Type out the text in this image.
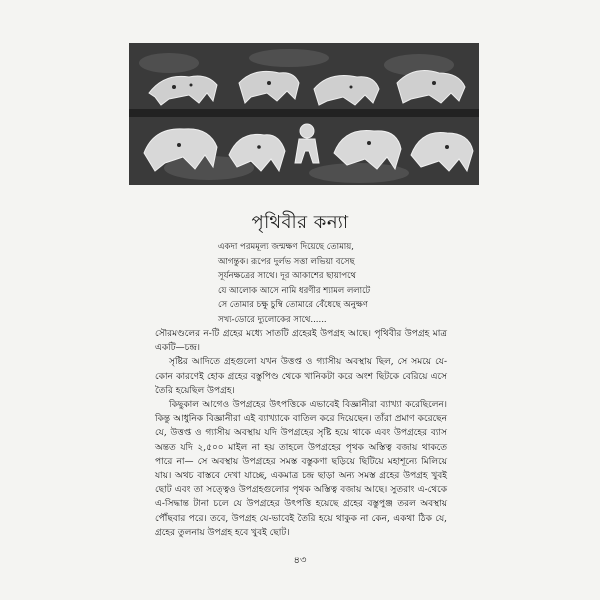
পৃথিবীর কন্যা
একদা পরমমূল্য জন্মক্ষণ দিয়েছে তোমায়,
আগন্তুক। রূপের দুর্লভ সত্তা লভিয়া বসেছ
সূর্যনক্ষত্রের সাথে। দূর আকাশের ছায়াপথে
যে আলোক আসে নামি ধরণীর শ্যামল ললাটে
সে তোমার চক্ষু চুম্বি তোমারে বেঁধেছে অনুক্ষণ
সখ্য-ডোরে দ্যুলোকের সাথে......

সৌরমণ্ডলের ন-টি গ্রহের মধ্যে সাতটি গ্রহেরই উপগ্রহ আছে। পৃথিবীর উপগ্রহ মাত্র একটি—চন্দ্র।

সৃষ্টির আদিতে গ্রহগুলো যখন উত্তপ্ত ও গ্যাসীয় অবস্থায় ছিল, সে সময়ে যে-কোন কারণেই হোক গ্রহের বস্তুপিণ্ড থেকে খানিকটা করে অংশ ছিটকে বেরিয়ে এসে তৈরি হয়েছিল উপগ্রহ।

কিছুকাল আগেও উপগ্রহের উৎপত্তিকে এভাবেই বিজ্ঞানীরা ব্যাখ্যা করেছিলেন। কিন্তু আধুনিক বিজ্ঞানীরা এই ব্যাখ্যাকে বাতিল করে দিয়েছেন। তাঁরা প্রমাণ করেছেন যে, উত্তপ্ত ও গ্যাসীয় অবস্থায় যদি উপগ্রহের সৃষ্টি হয়ে থাকে এবং উপগ্রহের ব্যাস অন্তত যদি ২,৫০০ মাইল না হয় তাহলে উপগ্রহের পৃথক অস্তিত্ব বজায় থাকতে পারে না— সে অবস্থায় উপগ্রহের সমস্ত বস্তুকণা ছড়িয়ে ছিটিয়ে মহাশূন্যে মিলিয়ে যায়। অথচ বাস্তবে দেখা যাচ্ছে, একমাত্র চন্দ্র ছাড়া অন্য সমস্ত গ্রহের উপগ্রহ খুবই ছোট এবং তা সত্ত্বেও উপগ্রহগুলোর পৃথক অস্তিত্ব বজায় আছে। সুতরাং এ-থেকে এ-সিদ্ধান্ত টানা চলে যে উপগ্রহের উৎপত্তি হয়েছে গ্রহের বস্তুপুঞ্জ তরল অবস্থায় পৌঁছবার পরে। তবে, উপগ্রহ যে-ভাবেই তৈরি হয়ে থাকুক না কেন, একথা ঠিক যে, গ্রহের তুলনায় উপগ্রহ হবে খুবই ছোট।

৪৩
